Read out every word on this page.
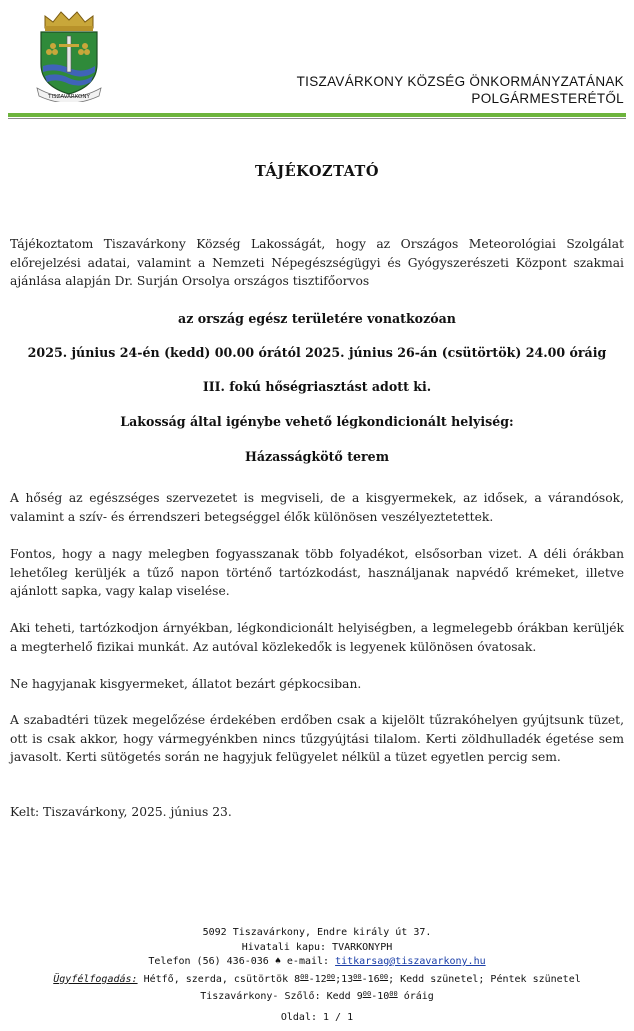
TISZAVÁRKONY
TISZAVÁRKONY KÖZSÉG ÖNKORMÁNYZATÁNAK
POLGÁRMESTERÉTŐL
TÁJÉKOZTATÓ

Tájékoztatom Tiszavárkony Község Lakosságát, hogy az Országos Meteorológiai Szolgálat előrejelzési adatai, valamint a Nemzeti Népegészségügyi és Gyógyszerészeti Központ szakmai ajánlása alapján Dr. Surján Orsolya országos tisztifőorvos

az ország egész területére vonatkozóan
2025. június 24-én (kedd) 00.00 órától 2025. június 26-án (csütörtök) 24.00 óráig
III. fokú hőségriasztást adott ki.
Lakosság által igénybe vehető légkondicionált helyiség:
Házasságkötő terem

A hőség az egészséges szervezetet is megviseli, de a kisgyermekek, az idősek, a várandósok, valamint a szív- és érrendszeri betegséggel élők különösen veszélyeztetettek.

Fontos, hogy a nagy melegben fogyasszanak több folyadékot, elsősorban vizet. A déli órákban lehetőleg kerüljék a tűző napon történő tartózkodást, használjanak napvédő krémeket, illetve ajánlott sapka, vagy kalap viselése.

Aki teheti, tartózkodjon árnyékban, légkondicionált helyiségben, a legmelegebb órákban kerüljék a megterhelő fizikai munkát. Az autóval közlekedők is legyenek különösen óvatosak.

Ne hagyjanak kisgyermeket, állatot bezárt gépkocsiban.

A szabadtéri tüzek megelőzése érdekében erdőben csak a kijelölt tűzrakóhelyen gyújtsunk tüzet, ott is csak akkor, hogy vármegyénkben nincs tűzgyújtási tilalom. Kerti zöldhulladék égetése sem javasolt. Kerti sütögetés során ne hagyjuk felügyelet nélkül a tüzet egyetlen percig sem.

Kelt: Tiszavárkony, 2025. június 23.

5092 Tiszavárkony, Endre király út 37.
Hivatali kapu: TVARKONYPH
Telefon (56) 436-036 ♠ e-mail: titkarsag@tiszavarkony.hu
Ügyfélfogadás: Hétfő, szerda, csütörtök $8^{00}-12^{00};13^{00}-16^{00}$; Kedd szünetel; Péntek szünetel
Tiszavárkony- Szőlő: Kedd $9^{00}-10^{00}$ óráig
Oldal: 1 / 1
